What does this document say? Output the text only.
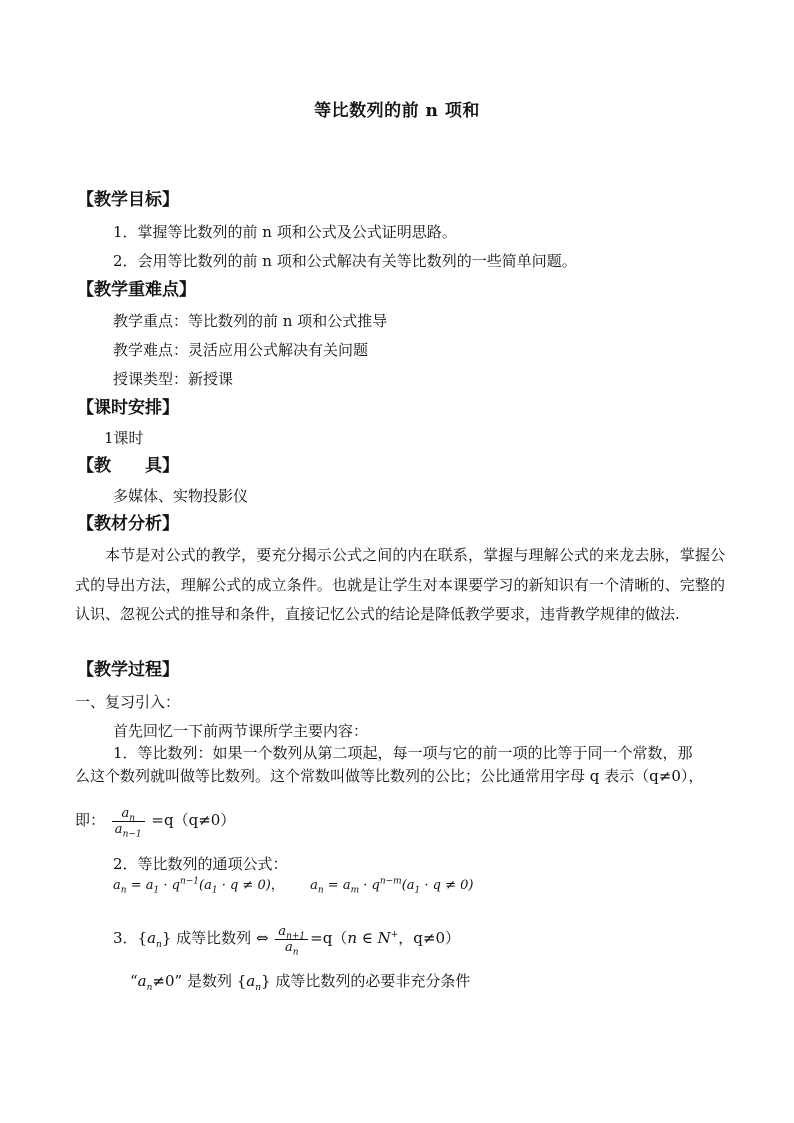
等比数列的前 n 项和
【教学目标】
1．掌握等比数列的前 n 项和公式及公式证明思路。
2．会用等比数列的前 n 项和公式解决有关等比数列的一些简单问题。
【教学重难点】
教学重点：等比数列的前 n 项和公式推导
教学难点：灵活应用公式解决有关问题
授课类型：新授课
【课时安排】
1课时
【教　　具】
多媒体、实物投影仪
【教材分析】
本节是对公式的教学，要充分揭示公式之间的内在联系，掌握与理解公式的来龙去脉，掌握公式的导出方法，理解公式的成立条件。也就是让学生对本课要学习的新知识有一个清晰的、完整的认识、忽视公式的推导和条件，直接记忆公式的结论是降低教学要求，违背教学规律的做法.
【教学过程】
一、复习引入：
首先回忆一下前两节课所学主要内容：
1．等比数列：如果一个数列从第二项起，每一项与它的前一项的比等于同一个常数，那
么这个数列就叫做等比数列。这个常数叫做等比数列的公比；公比通常用字母 q 表示（q≠0），
即： $\frac{a_n}{a_{n-1}} =q(q\ne 0)$
2．等比数列的通项公式：
$a_n = a_1 \cdot q^{n-1}(a_1 \cdot q \ne 0)$， $a_n = a_m \cdot q^{n-m}(a_1 \cdot q \ne 0)$
3．$\{a_n\}$ 成等比数列 ⇔ $\frac{a_{n+1}}{a_n} =q(n$ ∈ N+，q≠0）
“$a_n\ne 0$” 是数列 $\{a_n\}$ 成等比数列的必要非充分条件
